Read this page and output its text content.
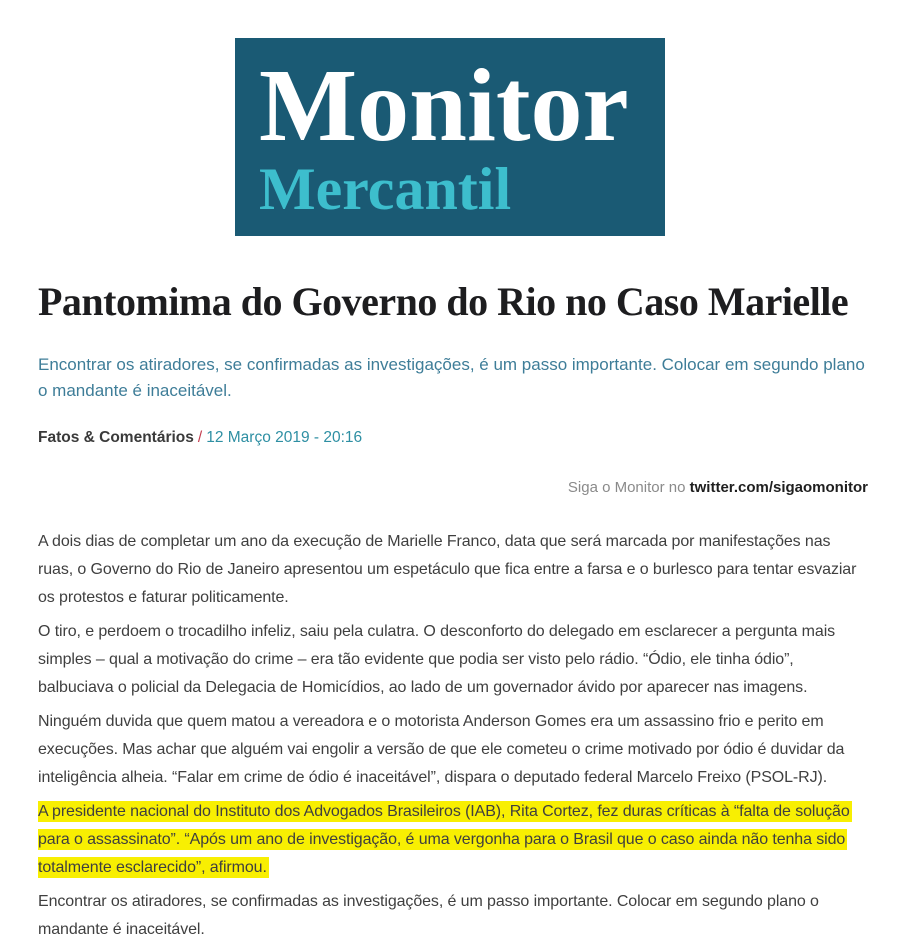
Monitor
Mercantil
Pantomima do Governo do Rio no Caso Marielle

Encontrar os atiradores, se confirmadas as investigações, é um passo importante. Colocar em segundo plano o mandante é inaceitável.

Fatos & Comentários / 12 Março 2019 - 20:16
Siga o Monitor no twitter.com/sigaomonitor

A dois dias de completar um ano da execução de Marielle Franco, data que será marcada por manifestações nas ruas, o Governo do Rio de Janeiro apresentou um espetáculo que fica entre a farsa e o burlesco para tentar esvaziar os protestos e faturar politicamente.

O tiro, e perdoem o trocadilho infeliz, saiu pela culatra. O desconforto do delegado em esclarecer a pergunta mais simples – qual a motivação do crime – era tão evidente que podia ser visto pelo rádio. “Ódio, ele tinha ódio”, balbuciava o policial da Delegacia de Homicídios, ao lado de um governador ávido por aparecer nas imagens.

Ninguém duvida que quem matou a vereadora e o motorista Anderson Gomes era um assassino frio e perito em execuções. Mas achar que alguém vai engolir a versão de que ele cometeu o crime motivado por ódio é duvidar da inteligência alheia. “Falar em crime de ódio é inaceitável”, dispara o deputado federal Marcelo Freixo (PSOL-RJ).

A presidente nacional do Instituto dos Advogados Brasileiros (IAB), Rita Cortez, fez duras críticas à “falta de solução para o assassinato”. “Após um ano de investigação, é uma vergonha para o Brasil que o caso ainda não tenha sido totalmente esclarecido”, afirmou.

Encontrar os atiradores, se confirmadas as investigações, é um passo importante. Colocar em segundo plano o mandante é inaceitável.
